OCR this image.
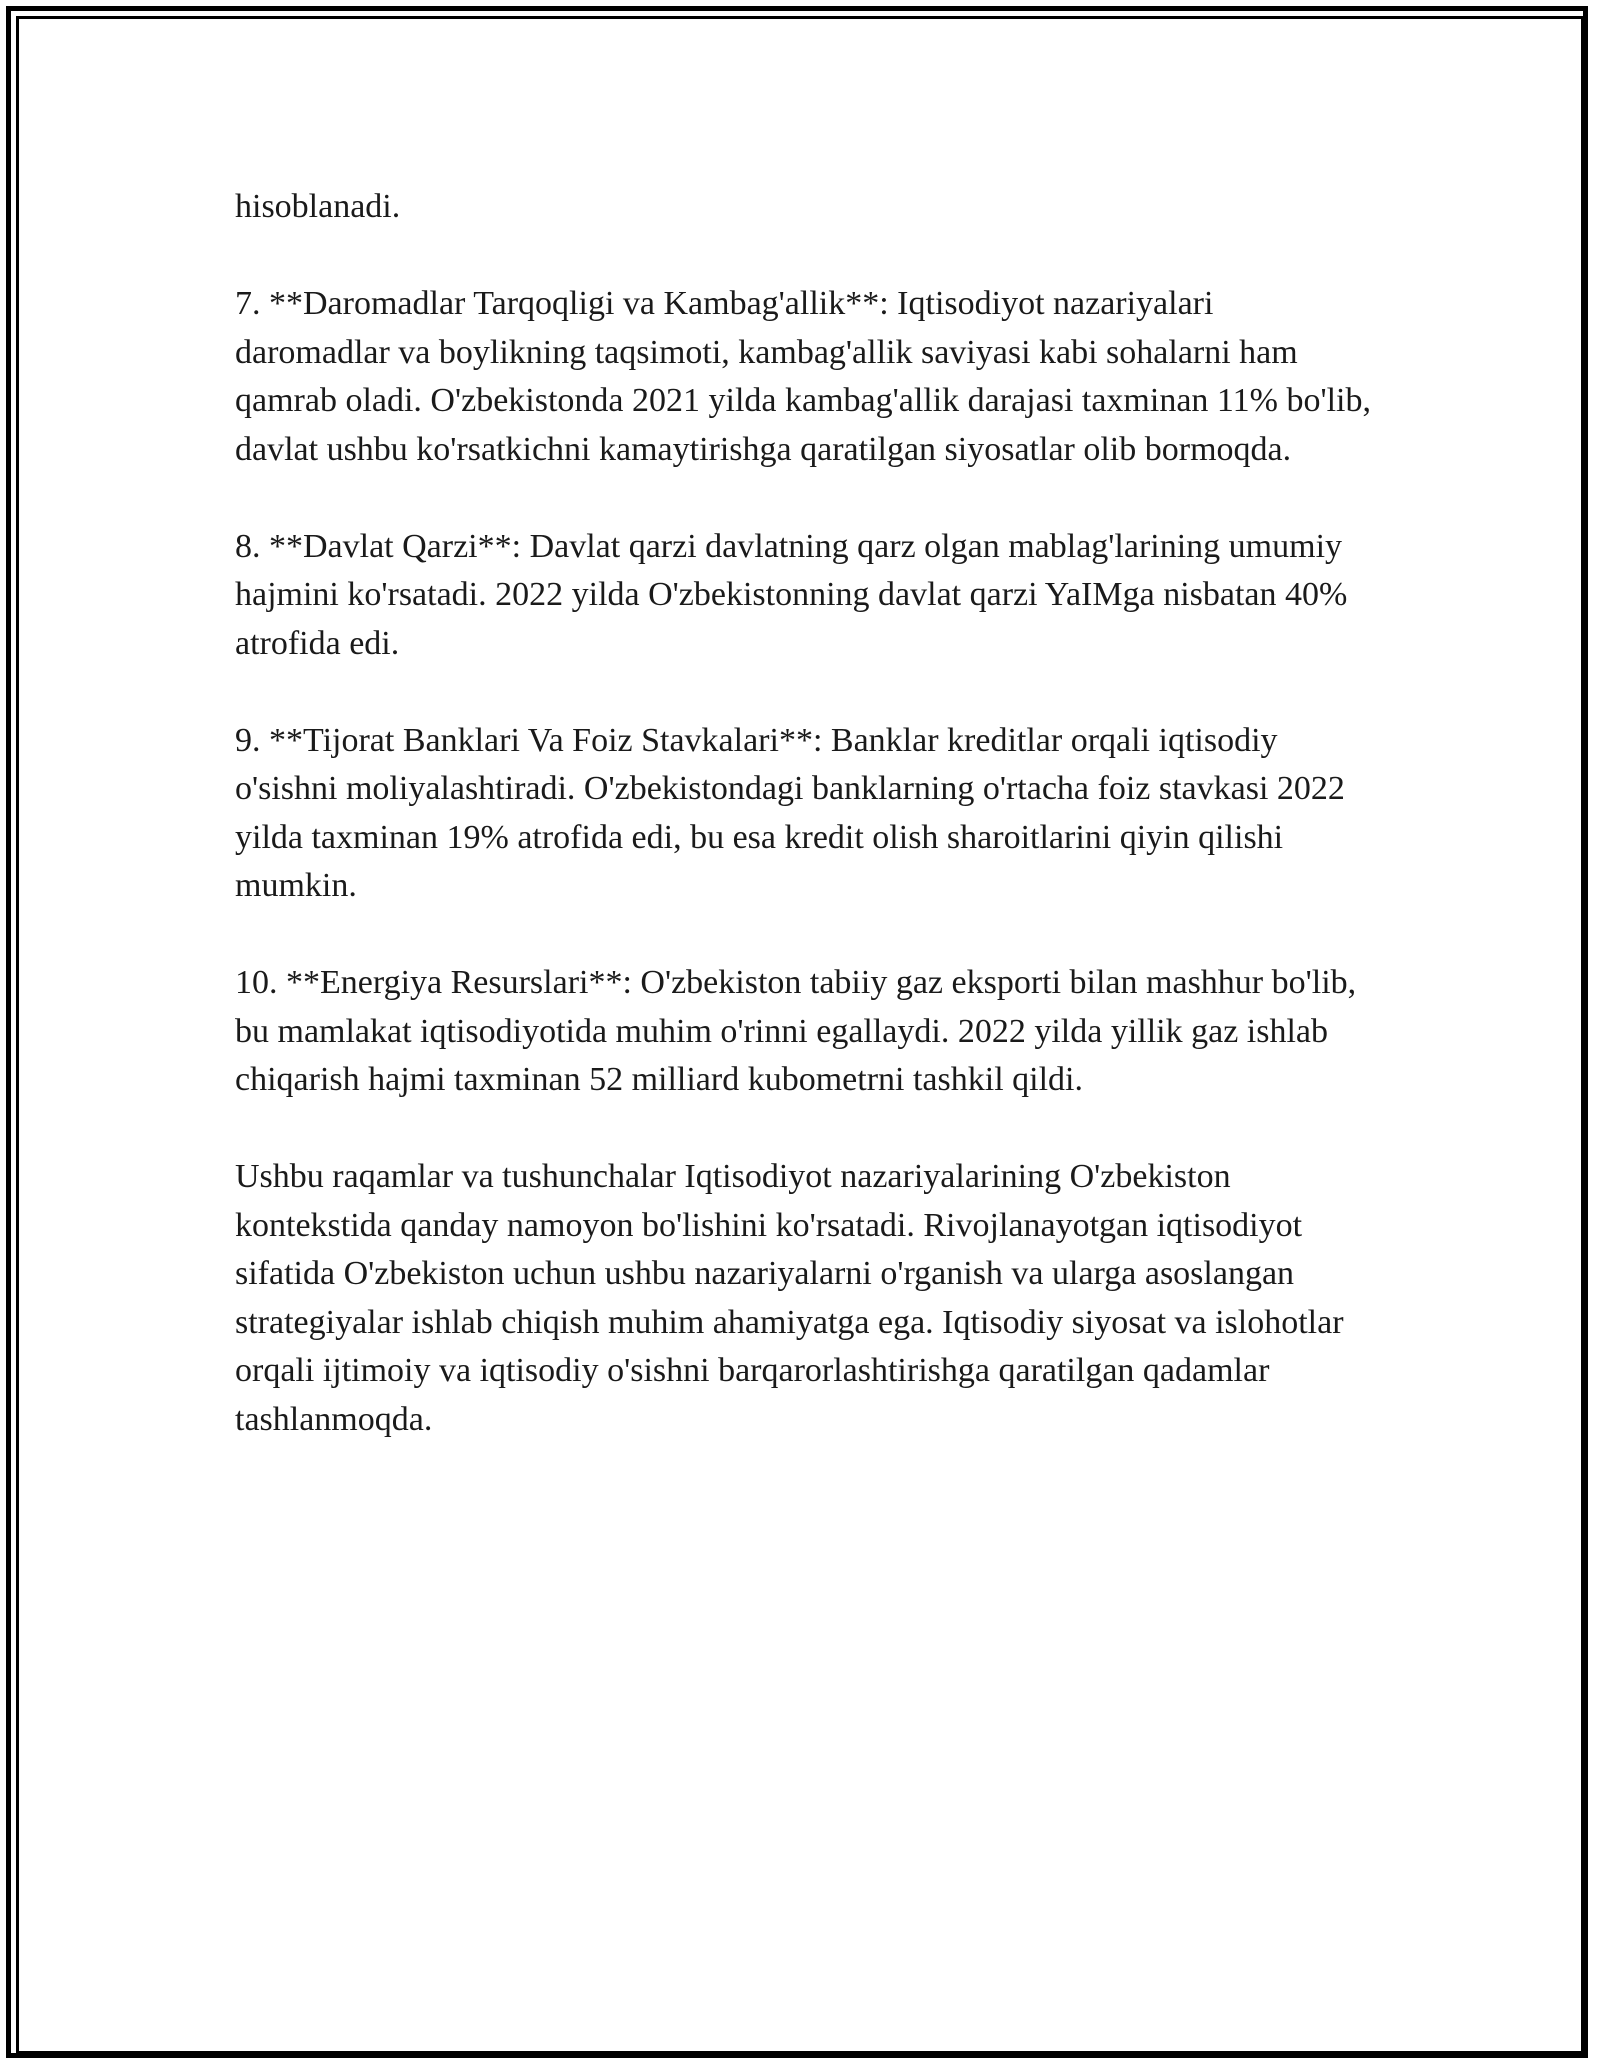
hisoblanadi.

7. **Daromadlar Tarqoqligi va Kambag'allik**: Iqtisodiyot nazariyalari daromadlar va boylikning taqsimoti, kambag'allik saviyasi kabi sohalarni ham qamrab oladi. O'zbekistonda 2021 yilda kambag'allik darajasi taxminan 11% bo'lib, davlat ushbu ko'rsatkichni kamaytirishga qaratilgan siyosatlar olib bormoqda.

8. **Davlat Qarzi**: Davlat qarzi davlatning qarz olgan mablag'larining umumiy hajmini ko'rsatadi. 2022 yilda O'zbekistonning davlat qarzi YaIMga nisbatan 40% atrofida edi.

9. **Tijorat Banklari Va Foiz Stavkalari**: Banklar kreditlar orqali iqtisodiy o'sishni moliyalashtiradi. O'zbekistondagi banklarning o'rtacha foiz stavkasi 2022 yilda taxminan 19% atrofida edi, bu esa kredit olish sharoitlarini qiyin qilishi mumkin.

10. **Energiya Resurslari**: O'zbekiston tabiiy gaz eksporti bilan mashhur bo'lib, bu mamlakat iqtisodiyotida muhim o'rinni egallaydi. 2022 yilda yillik gaz ishlab chiqarish hajmi taxminan 52 milliard kubometrni tashkil qildi.

Ushbu raqamlar va tushunchalar Iqtisodiyot nazariyalarining O'zbekiston kontekstida qanday namoyon bo'lishini ko'rsatadi. Rivojlanayotgan iqtisodiyot sifatida O'zbekiston uchun ushbu nazariyalarni o'rganish va ularga asoslangan strategiyalar ishlab chiqish muhim ahamiyatga ega. Iqtisodiy siyosat va islohotlar orqali ijtimoiy va iqtisodiy o'sishni barqarorlashtirishga qaratilgan qadamlar tashlanmoqda.
